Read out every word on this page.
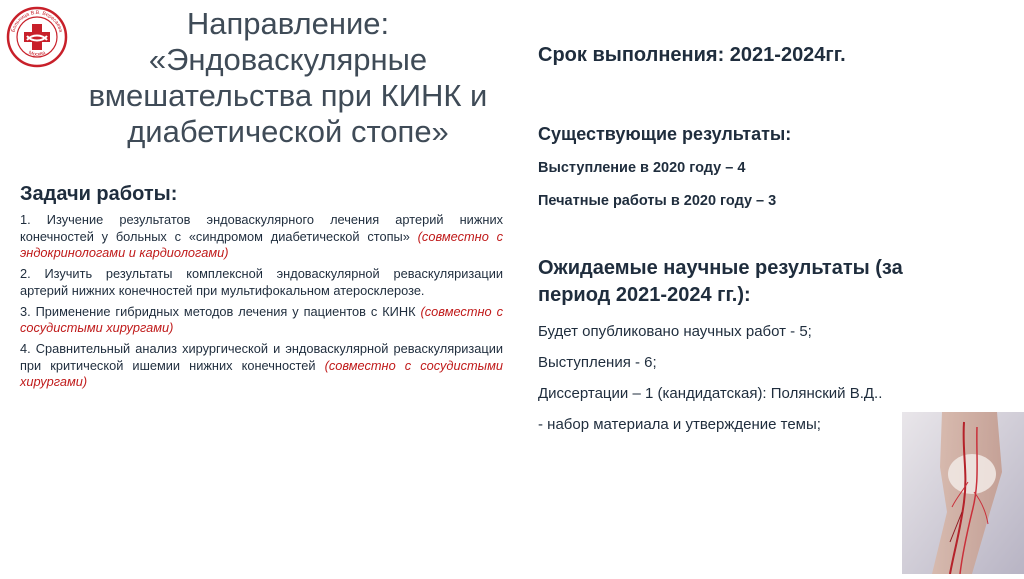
Больница В.В. Вересаева
Москва
Направление:
«Эндоваскулярные
вмешательства при КИНК и
диабетической стопе»
Задачи работы:

1. Изучение результатов эндоваскулярного лечения артерий нижних конечностей у больных с «синдромом диабетической стопы» (совместно с эндокринологами и кардиологами)

2. Изучить результаты комплексной эндоваскулярной реваскуляризации артерий нижних конечностей при мультифокальном атеросклерозе.

3. Применение гибридных методов лечения у пациентов с КИНК (совместно с сосудистыми хирургами)

4. Сравнительный анализ хирургической и эндоваскулярной реваскуляризации при критической ишемии нижних конечностей (совместно с сосудистыми хирургами)

Срок выполнения: 2021-2024гг.
Существующие результаты:
Выступление в 2020 году – 4
Печатные работы в 2020 году – 3
Ожидаемые научные результаты (за период 2021-2024 гг.):
Будет опубликовано научных работ - 5;
Выступления - 6;
Диссертации – 1 (кандидатская): Полянский В.Д..
- набор материала и утверждение темы;
